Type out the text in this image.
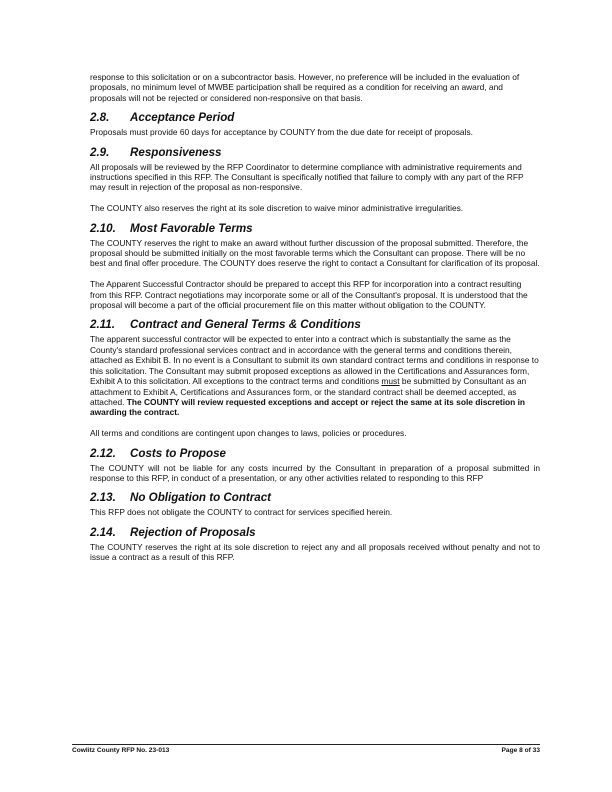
response to this solicitation or on a subcontractor basis. However, no preference will be included in the evaluation of proposals, no minimum level of MWBE participation shall be required as a condition for receiving an award, and proposals will not be rejected or considered non-responsive on that basis.

2.8. Acceptance Period

Proposals must provide 60 days for acceptance by COUNTY from the due date for receipt of proposals.

2.9. Responsiveness

All proposals will be reviewed by the RFP Coordinator to determine compliance with administrative requirements and instructions specified in this RFP. The Consultant is specifically notified that failure to comply with any part of the RFP may result in rejection of the proposal as non-responsive.

The COUNTY also reserves the right at its sole discretion to waive minor administrative irregularities.

2.10. Most Favorable Terms

The COUNTY reserves the right to make an award without further discussion of the proposal submitted. Therefore, the proposal should be submitted initially on the most favorable terms which the Consultant can propose. There will be no best and final offer procedure. The COUNTY does reserve the right to contact a Consultant for clarification of its proposal.

The Apparent Successful Contractor should be prepared to accept this RFP for incorporation into a contract resulting from this RFP. Contract negotiations may incorporate some or all of the Consultant's proposal. It is understood that the proposal will become a part of the official procurement file on this matter without obligation to the COUNTY.

2.11. Contract and General Terms & Conditions

The apparent successful contractor will be expected to enter into a contract which is substantially the same as the County's standard professional services contract and in accordance with the general terms and conditions therein, attached as Exhibit B. In no event is a Consultant to submit its own standard contract terms and conditions in response to this solicitation. The Consultant may submit proposed exceptions as allowed in the Certifications and Assurances form, Exhibit A to this solicitation. All exceptions to the contract terms and conditions must be submitted by Consultant as an attachment to Exhibit A, Certifications and Assurances form, or the standard contract shall be deemed accepted, as attached. The COUNTY will review requested exceptions and accept or reject the same at its sole discretion in awarding the contract.

All terms and conditions are contingent upon changes to laws, policies or procedures.

2.12. Costs to Propose

The COUNTY will not be liable for any costs incurred by the Consultant in preparation of a proposal submitted in response to this RFP, in conduct of a presentation, or any other activities related to responding to this RFP

2.13. No Obligation to Contract

This RFP does not obligate the COUNTY to contract for services specified herein.

2.14. Rejection of Proposals

The COUNTY reserves the right at its sole discretion to reject any and all proposals received without penalty and not to issue a contract as a result of this RFP.

Cowlitz County RFP No. 23-013	Page 8 of 33
